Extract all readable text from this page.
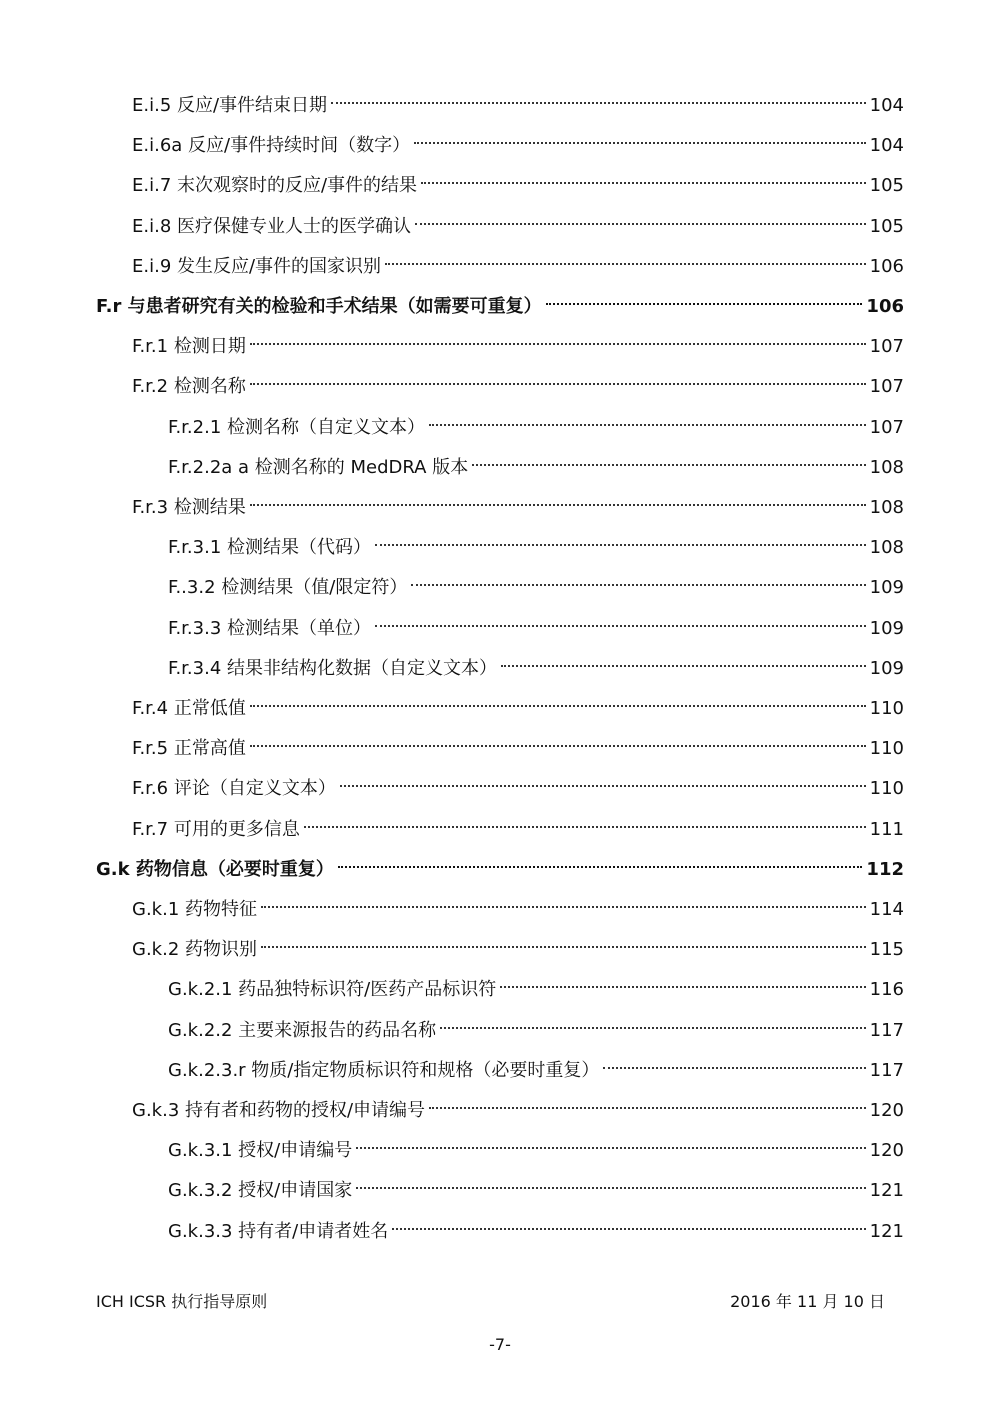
E.i.5 反应/事件结束日期	104
E.i.6a 反应/事件持续时间（数字）	104
E.i.7 末次观察时的反应/事件的结果	105
E.i.8 医疗保健专业人士的医学确认	105
E.i.9 发生反应/事件的国家识别	106
F.r 与患者研究有关的检验和手术结果（如需要可重复）	106
F.r.1 检测日期	107
F.r.2 检测名称	107
F.r.2.1 检测名称（自定义文本）	107
F.r.2.2a a 检测名称的 MedDRA 版本	108
F.r.3 检测结果	108
F.r.3.1 检测结果（代码）	108
F..3.2 检测结果（值/限定符）	109
F.r.3.3 检测结果（单位）	109
F.r.3.4 结果非结构化数据（自定义文本）	109
F.r.4 正常低值	110
F.r.5 正常高值	110
F.r.6 评论（自定义文本）	110
F.r.7 可用的更多信息	111
G.k 药物信息（必要时重复）	112
G.k.1 药物特征	114
G.k.2 药物识别	115
G.k.2.1 药品独特标识符/医药产品标识符	116
G.k.2.2 主要来源报告的药品名称	117
G.k.2.3.r 物质/指定物质标识符和规格（必要时重复）	117
G.k.3 持有者和药物的授权/申请编号	120
G.k.3.1 授权/申请编号	120
G.k.3.2 授权/申请国家	121
G.k.3.3 持有者/申请者姓名	121
ICH ICSR 执行指导原则	2016 年 11 月 10 日
-7-
